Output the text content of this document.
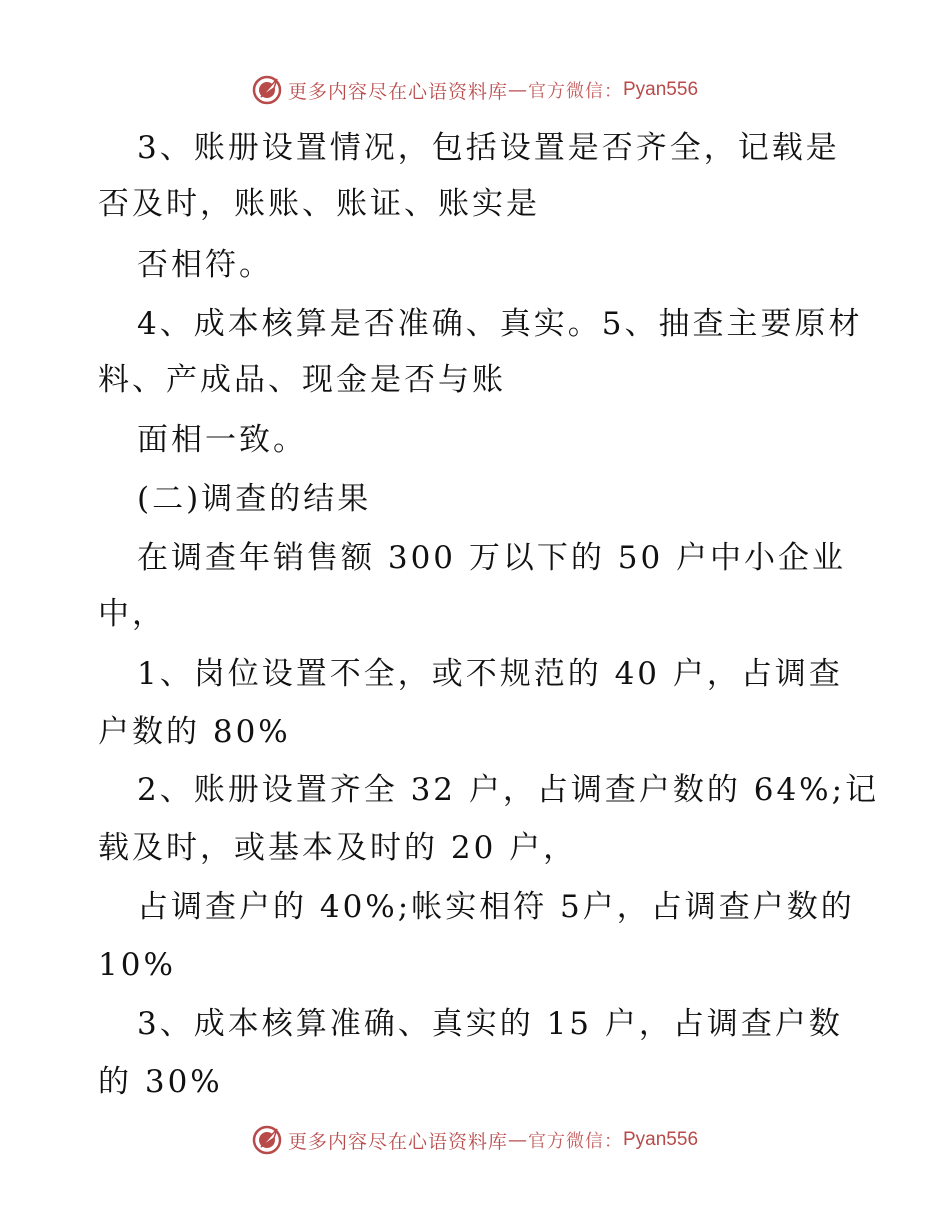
更多内容尽在心语资料库 — 官方微信： Pyan556
3、账册设置情况，包括设置是否齐全，记载是
否及时，账账、账证、账实是
否相符。
4、成本核算是否准确、真实。5、抽查主要原材
料、产成品、现金是否与账
面相一致。
(二)调查的结果
在调查年销售额 300 万以下的 50 户中小企业
中，
1、岗位设置不全，或不规范的 40 户，占调查
户数的 80%
2、账册设置齐全 32 户，占调查户数的 64%;记
载及时，或基本及时的 20 户，
占调查户的 40%;帐实相符 5户，占调查户数的
10%
3、成本核算准确、真实的 15 户，占调查户数
的 30%
更多内容尽在心语资料库 — 官方微信： Pyan556
